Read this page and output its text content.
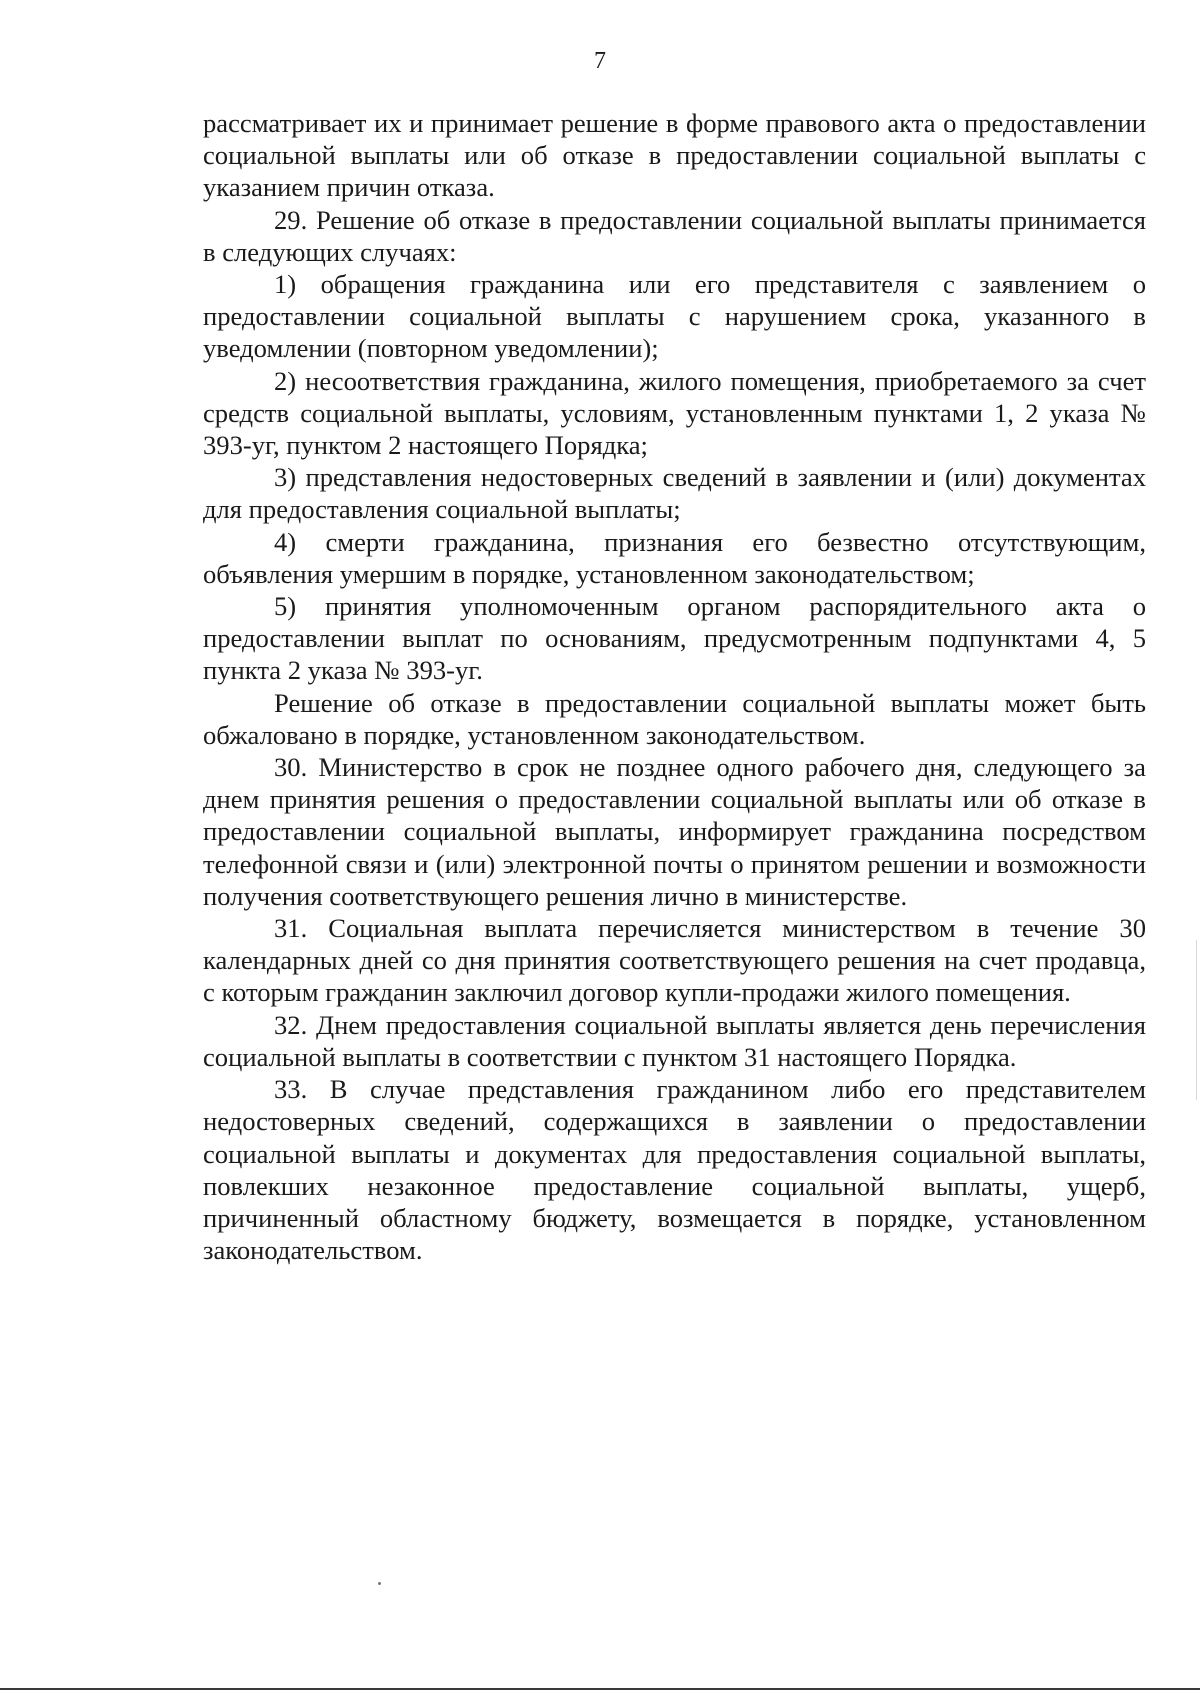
7

рассматривает их и принимает решение в форме правового акта о предоставлении социальной выплаты или об отказе в предоставлении социальной выплаты с указанием причин отказа.

29. Решение об отказе в предоставлении социальной выплаты принимается в следующих случаях:

1) обращения гражданина или его представителя с заявлением о предоставлении социальной выплаты с нарушением срока, указанного в уведомлении (повторном уведомлении);

2) несоответствия гражданина, жилого помещения, приобретаемого за счет средств социальной выплаты, условиям, установленным пунктами 1, 2 указа № 393-уг, пунктом 2 настоящего Порядка;

3) представления недостоверных сведений в заявлении и (или) документах для предоставления социальной выплаты;

4) смерти гражданина, признания его безвестно отсутствующим, объявления умершим в порядке, установленном законодательством;

5) принятия уполномоченным органом распорядительного акта о предоставлении выплат по основаниям, предусмотренным подпунктами 4, 5 пункта 2 указа № 393-уг.

Решение об отказе в предоставлении социальной выплаты может быть обжаловано в порядке, установленном законодательством.

30. Министерство в срок не позднее одного рабочего дня, следующего за днем принятия решения о предоставлении социальной выплаты или об отказе в предоставлении социальной выплаты, информирует гражданина посредством телефонной связи и (или) электронной почты о принятом решении и возможности получения соответствующего решения лично в министерстве.

31. Социальная выплата перечисляется министерством в течение 30 календарных дней со дня принятия соответствующего решения на счет продавца, с которым гражданин заключил договор купли-продажи жилого помещения.

32. Днем предоставления социальной выплаты является день перечисления социальной выплаты в соответствии с пунктом 31 настоящего Порядка.

33. В случае представления гражданином либо его представителем недостоверных сведений, содержащихся в заявлении о предоставлении социальной выплаты и документах для предоставления социальной выплаты, повлекших незаконное предоставление социальной выплаты, ущерб, причиненный областному бюджету, возмещается в порядке, установленном законодательством.
